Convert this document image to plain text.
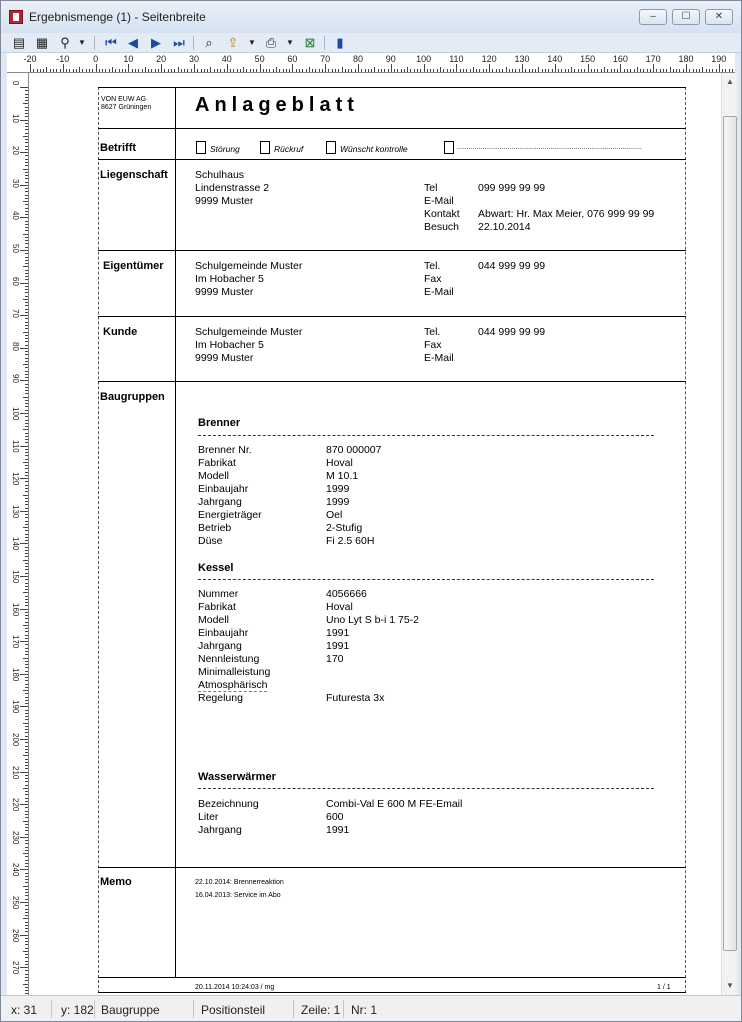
Ergebnismenge (1) - Seitenbreite	–	☐	✕
▤ ▦ ⚲	▼ ⏮ ◀	▶ ⏭	⌕	⇪	▼ ⎙	▼ ⊠	▮
-20 -10	0	10	20	30	40	50	60	70	80	90 100 110 120 130 140 150 160 170 180 190
0
10
20
30
40
50
60
70
80
90
100
110
120
130
140
150
160
170
180
190
200
210
220
230
240
250
260
270
VON EUW AG
8627 Grüningen Anlageblatt
Betrifft	Störung	Rückruf	Wünscht kontrolle	...............................................................................................
Liegenschaft	Schulhaus
Lindenstrasse 2
9999 Muster
Tel	099 999 99 99
E-Mail
Kontakt Abwart: Hr. Max Meier, 076 999 99 99
Besuch 22.10.2014
Eigentümer	Schulgemeinde Muster
Im Hobacher 5
9999 Muster
Tel.	044 999 99 99
Fax
E-Mail
Kunde	Schulgemeinde Muster
Im Hobacher 5
9999 Muster
Tel.	044 999 99 99
Fax
E-Mail
Baugruppen
Brenner
Brenner Nr.	870 000007
Fabrikat	Hoval
Modell	M 10.1
Einbaujahr	1999
Jahrgang	1999
Energieträger	Oel
Betrieb	2-Stufig
Düse	Fi 2.5 60H
Kessel
Nummer	4056666
Fabrikat	Hoval
Modell	Uno Lyt S b-i 1 75-2
Einbaujahr	1991
Jahrgang	1991
Nennleistung	170
Minimalleistung
Atmosphärisch
Regelung	Futuresta 3x
Wasserwärmer
Bezeichnung	Combi-Val E 600 M FE-Email
Liter	600
Jahrgang	1991
Memo	22.10.2014: Brennerreaktion
16.04.2013: Service im Abo
20.11.2014 10:24:03 / mg	1 / 1
▲
▼
x: 31 y: 182 Baugruppe	Positionsteil	Zeile: 1 Nr: 1
